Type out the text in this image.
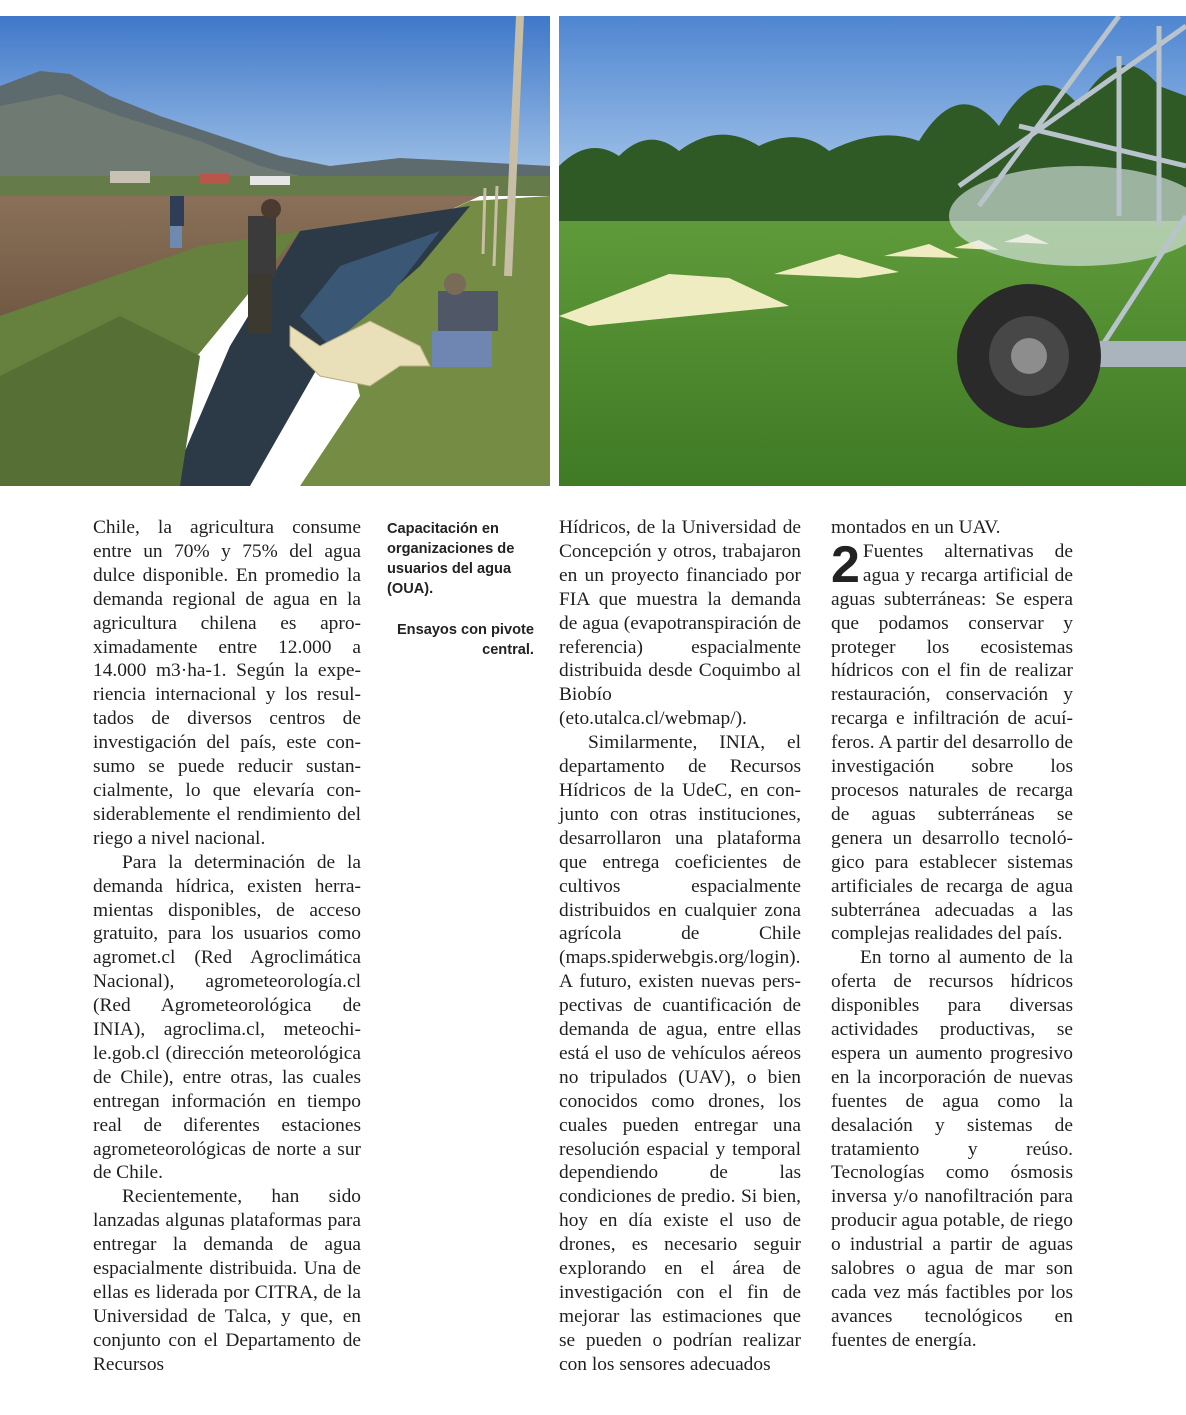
Capacitación en organizaciones de usuarios del agua (OUA).
Ensayos con pivote central.

Chile, la agricultura consume entre un 70% y 75% del agua dulce disponible. En promedio la demanda regional de agua en la agricultura chilena es aproximadamente entre 12.000 a 14.000 m3·ha-1. Según la experiencia internacional y los resultados de diversos centros de investigación del país, este consumo se puede reducir sustancialmente, lo que elevaría considerablemente el rendimiento del riego a nivel nacional.

Para la determinación de la demanda hídrica, existen herramientas disponibles, de acceso gratuito, para los usuarios como agromet.cl (Red Agroclimática Nacional), agrometeorología.cl (Red Agrometeorológica de INIA), agroclima.cl, meteochile.gob.cl (dirección meteorológica de Chile), entre otras, las cuales entregan información en tiempo real de diferentes estaciones agrometeorológicas de norte a sur de Chile.

Recientemente, han sido lanzadas algunas plataformas para entregar la demanda de agua espacialmente distribuida. Una de ellas es liderada por CITRA, de la Universidad de Talca, y que, en conjunto con el Departamento de Recursos

Hídricos, de la Universidad de Concepción y otros, trabajaron en un proyecto financiado por FIA que muestra la demanda de agua (evapotranspiración de referencia) espacialmente distribuida desde Coquimbo al Biobío (eto.utalca.cl/webmap/).

Similarmente, INIA, el departamento de Recursos Hídricos de la UdeC, en conjunto con otras instituciones, desarrollaron una plataforma que entrega coeficientes de cultivos espacialmente distribuidos en cualquier zona agrícola de Chile (maps.spiderwebgis.org/login). A futuro, existen nuevas perspectivas de cuantificación de demanda de agua, entre ellas está el uso de vehículos aéreos no tripulados (UAV), o bien conocidos como drones, los cuales pueden entregar una resolución espacial y temporal dependiendo de las condiciones de predio. Si bien, hoy en día existe el uso de drones, es necesario seguir explorando en el área de investigación con el fin de mejorar las estimaciones que se pueden o podrían realizar con los sensores adecuados

montados en un UAV.

2 Fuentes alternativas de agua y recarga artificial de aguas subterráneas: Se espera que podamos conservar y proteger los ecosistemas hídricos con el fin de realizar restauración, conservación y recarga e infiltración de acuíferos. A partir del desarrollo de investigación sobre los procesos naturales de recarga de aguas subterráneas se genera un desarrollo tecnológico para establecer sistemas artificiales de recarga de agua subterránea adecuadas a las complejas realidades del país.

En torno al aumento de la oferta de recursos hídricos disponibles para diversas actividades productivas, se espera un aumento progresivo en la incorporación de nuevas fuentes de agua como la desalación y sistemas de tratamiento y reúso. Tecnologías como ósmosis inversa y/o nanofiltración para producir agua potable, de riego o industrial a partir de aguas salobres o agua de mar son cada vez más factibles por los avances tecnológicos en fuentes de energía.
